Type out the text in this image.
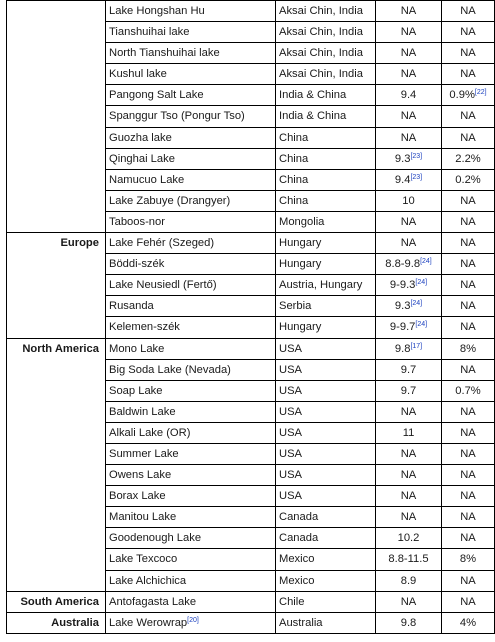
	Lake Hongshan Hu	Aksai Chin, India	NA	NA
	Tianshuihai lake	Aksai Chin, India	NA	NA
	North Tianshuihai lake	Aksai Chin, India	NA	NA
	Kushul lake	Aksai Chin, India	NA	NA
	Pangong Salt Lake	India & China	9.4	0.9%[22]
	Spanggur Tso (Pongur Tso)	India & China	NA	NA
	Guozha lake	China	NA	NA
	Qinghai Lake	China	9.3[23]	2.2%
	Namucuo Lake	China	9.4[23]	0.2%
	Lake Zabuye (Drangyer)	China	10	NA
	Taboos-nor	Mongolia	NA	NA
Europe	Lake Fehér (Szeged)	Hungary	NA	NA
	Böddi-szék	Hungary	8.8-9.8[24]	NA
	Lake Neusiedl (Fertő)	Austria, Hungary	9-9.3[24]	NA
	Rusanda	Serbia	9.3[24]	NA
	Kelemen-szék	Hungary	9-9.7[24]	NA
North America	Mono Lake	USA	9.8[17]	8%
	Big Soda Lake (Nevada)	USA	9.7	NA
	Soap Lake	USA	9.7	0.7%
	Baldwin Lake	USA	NA	NA
	Alkali Lake (OR)	USA	11	NA
	Summer Lake	USA	NA	NA
	Owens Lake	USA	NA	NA
	Borax Lake	USA	NA	NA
	Manitou Lake	Canada	NA	NA
	Goodenough Lake	Canada	10.2	NA
	Lake Texcoco	Mexico	8.8-11.5	8%
	Lake Alchichica	Mexico	8.9	NA
South America	Antofagasta Lake	Chile	NA	NA
Australia	Lake Werowrap[20]	Australia	9.8	4%
